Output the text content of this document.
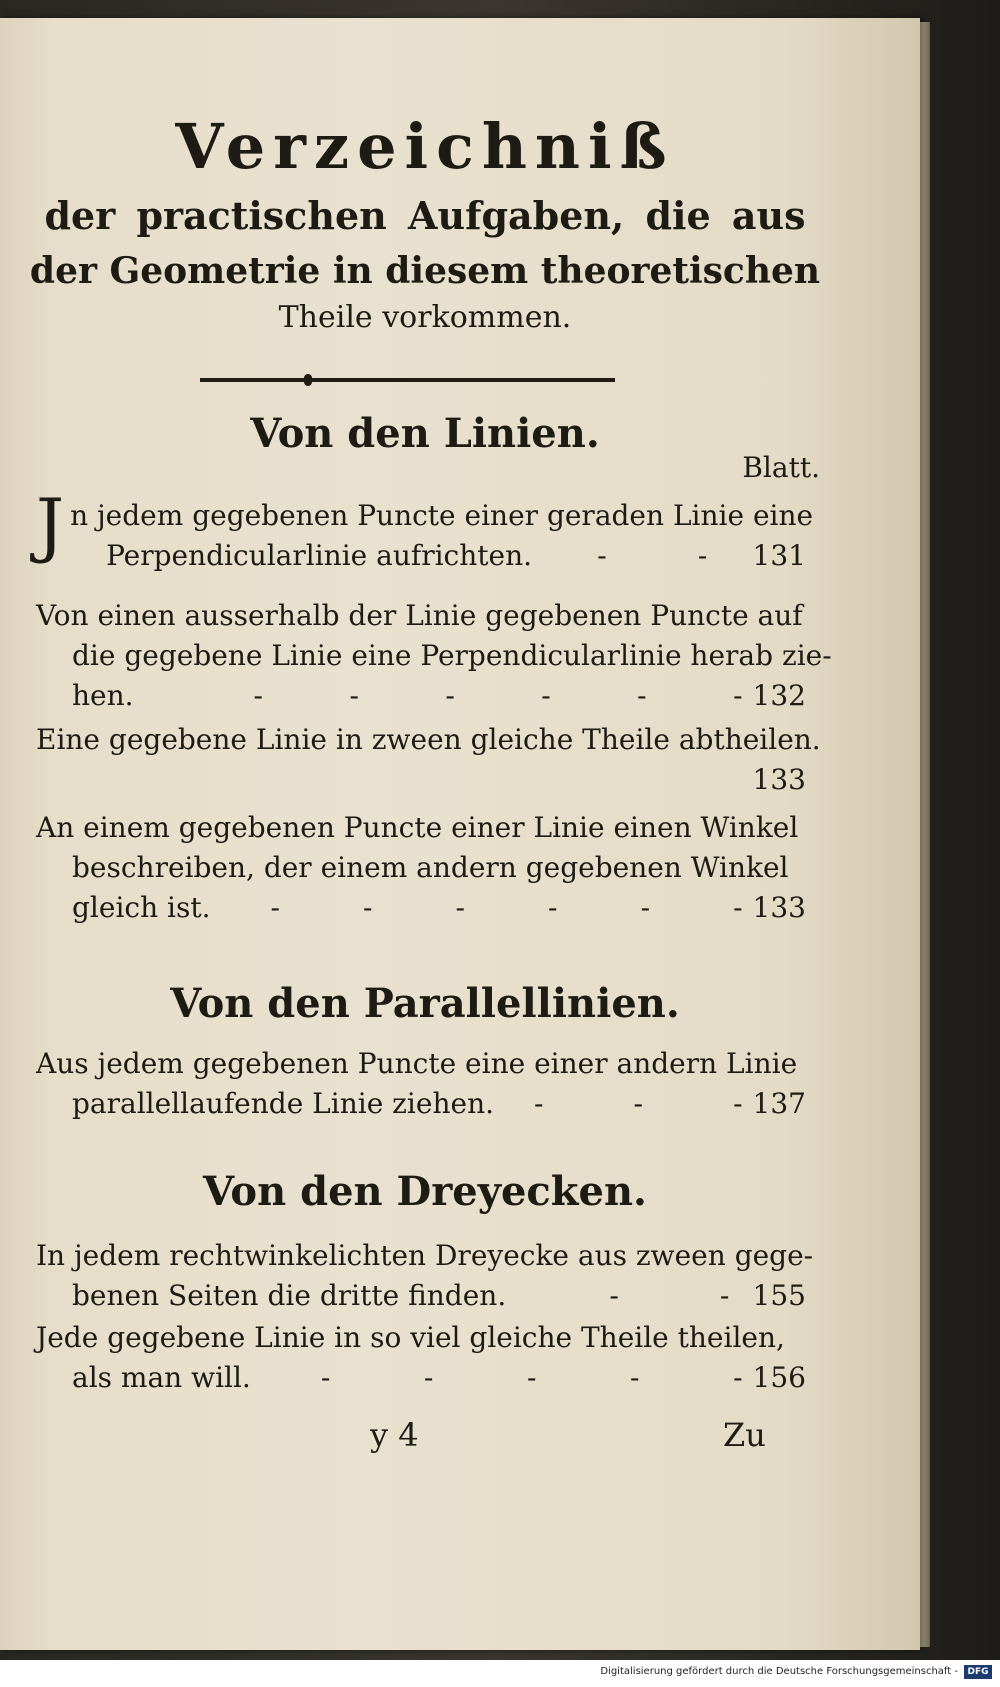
Verzeichniß
der practischen Aufgaben, die aus
der Geometrie in diesem theoretischen
Theile vorkommen.
Von den Linien.
Blatt.
J n jedem gegebenen Puncte einer geraden Linie eine
Perpendicularlinie aufrichten. -	- 131
Von einen ausserhalb der Linie gegebenen Puncte auf
die gegebene Linie eine Perpendicularlinie herab zie-
hen.	-	-	-	-	-	- 132
Eine gegebene Linie in zween gleiche Theile abtheilen.
133
An einem gegebenen Puncte einer Linie einen Winkel
beschreiben, der einem andern gegebenen Winkel
gleich ist. -	-	-	-	-	- 133
Von den Parallellinien.
Aus jedem gegebenen Puncte eine einer andern Linie
parallellaufende Linie ziehen. -	-	- 137
Von den Dreyecken.
In jedem rechtwinkelichten Dreyecke aus zween gege-
benen Seiten die dritte finden.	-	- 155
Jede gegebene Linie in so viel gleiche Theile theilen,
als man will.	-	-	-	-	- 156
y 4	Zu
Digitalisierung gefördert durch die Deutsche Forschungsgemeinschaft -	DFG
